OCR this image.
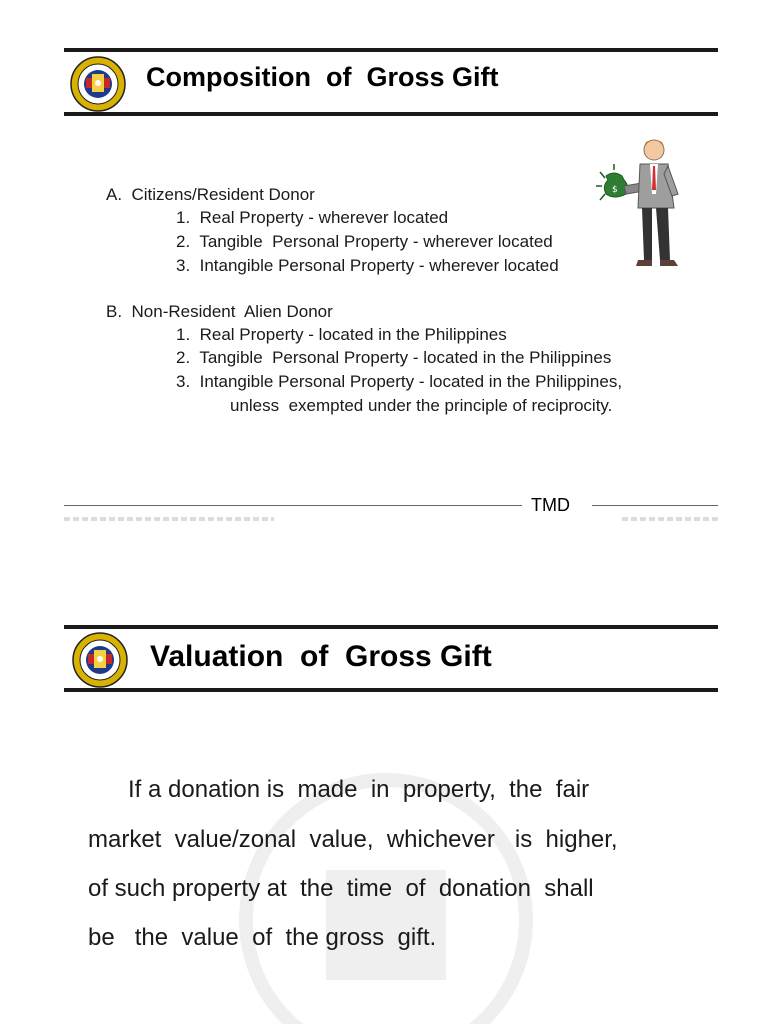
Composition  of  Gross Gift
$
A.  Citizens/Resident Donor
1.  Real Property - wherever located
2.  Tangible  Personal Property - wherever located
3.  Intangible Personal Property - wherever located
B.  Non-Resident  Alien Donor
1.  Real Property - located in the Philippines
2.  Tangible  Personal Property - located in the Philippines
3.  Intangible Personal Property - located in the Philippines,
unless  exempted under the principle of reciprocity.
TMD
Valuation  of  Gross Gift
If a donation is  made  in  property,  the  fair
market  value/zonal  value,  whichever   is  higher,
of such property at  the  time  of  donation  shall
be   the  value  of  the gross  gift.
